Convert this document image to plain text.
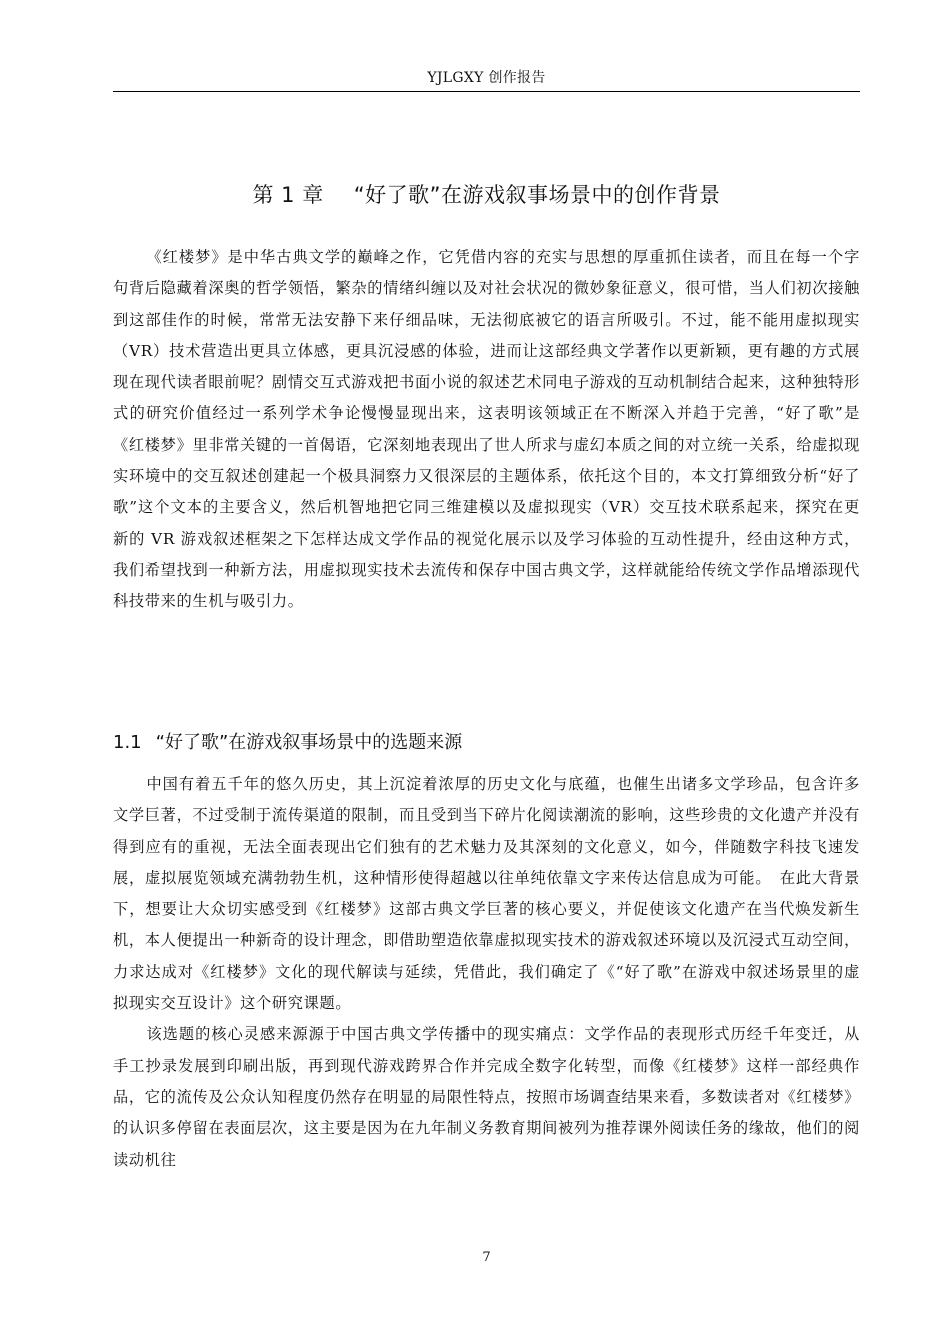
YJLGXY 创作报告
第 1 章 “好了歌”在游戏叙事场景中的创作背景

《红楼梦》是中华古典文学的巅峰之作，它凭借内容的充实与思想的厚重抓住读者，而且在每一个字句背后隐藏着深奥的哲学领悟，繁杂的情绪纠缠以及对社会状况的微妙象征意义，很可惜，当人们初次接触到这部佳作的时候，常常无法安静下来仔细品味，无法彻底被它的语言所吸引。不过，能不能用虚拟现实（VR）技术营造出更具立体感，更具沉浸感的体验，进而让这部经典文学著作以更新颖，更有趣的方式展现在现代读者眼前呢？剧情交互式游戏把书面小说的叙述艺术同电子游戏的互动机制结合起来，这种独特形式的研究价值经过一系列学术争论慢慢显现出来，这表明该领域正在不断深入并趋于完善，“好了歌”是《红楼梦》里非常关键的一首偈语，它深刻地表现出了世人所求与虚幻本质之间的对立统一关系，给虚拟现实环境中的交互叙述创建起一个极具洞察力又很深层的主题体系，依托这个目的，本文打算细致分析“好了歌”这个文本的主要含义，然后机智地把它同三维建模以及虚拟现实（VR）交互技术联系起来，探究在更新的 VR 游戏叙述框架之下怎样达成文学作品的视觉化展示以及学习体验的互动性提升，经由这种方式，我们希望找到一种新方法，用虚拟现实技术去流传和保存中国古典文学，这样就能给传统文学作品增添现代科技带来的生机与吸引力。

1.1 “好了歌”在游戏叙事场景中的选题来源

中国有着五千年的悠久历史，其上沉淀着浓厚的历史文化与底蕴，也催生出诸多文学珍品，包含许多文学巨著，不过受制于流传渠道的限制，而且受到当下碎片化阅读潮流的影响，这些珍贵的文化遗产并没有得到应有的重视，无法全面表现出它们独有的艺术魅力及其深刻的文化意义，如今，伴随数字科技飞速发展，虚拟展览领域充满勃勃生机，这种情形使得超越以往单纯依靠文字来传达信息成为可能。　在此大背景下，想要让大众切实感受到《红楼梦》这部古典文学巨著的核心要义，并促使该文化遗产在当代焕发新生机，本人便提出一种新奇的设计理念，即借助塑造依靠虚拟现实技术的游戏叙述环境以及沉浸式互动空间，力求达成对《红楼梦》文化的现代解读与延续，凭借此，我们确定了《“好了歌”在游戏中叙述场景里的虚拟现实交互设计》这个研究课题。

该选题的核心灵感来源源于中国古典文学传播中的现实痛点：文学作品的表现形式历经千年变迁，从手工抄录发展到印刷出版，再到现代游戏跨界合作并完成全数字化转型，而像《红楼梦》这样一部经典作品，它的流传及公众认知程度仍然存在明显的局限性特点，按照市场调查结果来看，多数读者对《红楼梦》的认识多停留在表面层次，这主要是因为在九年制义务教育期间被列为推荐课外阅读任务的缘故，他们的阅读动机往

7
